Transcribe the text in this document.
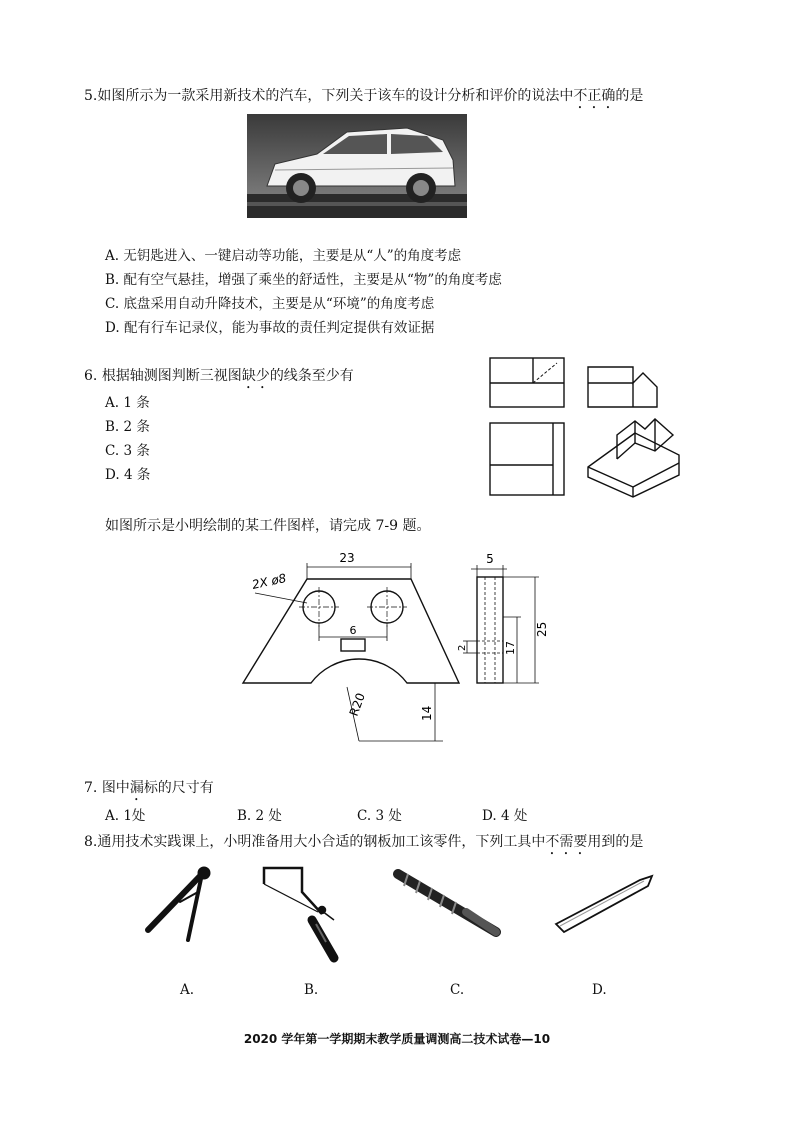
5.如图所示为一款采用新技术的汽车，下列关于该车的设计分析和评价的说法中不正确的是
A. 无钥匙进入、一键启动等功能，主要是从“人”的角度考虑
B. 配有空气悬挂，增强了乘坐的舒适性，主要是从“物”的角度考虑
C. 底盘采用自动升降技术，主要是从“环境”的角度考虑
D. 配有行车记录仪，能为事故的责任判定提供有效证据
6. 根据轴测图判断三视图缺少的线条至少有
A. 1 条
B. 2 条
C. 3 条
D. 4 条
如图所示是小明绘制的某工件图样，请完成 7-9 题。
23
2X ø8
6
R20	14
5
2	17
25
7. 图中漏标的尺寸有
A. 1处	B. 2 处	C. 3 处	D. 4 处
8.通用技术实践课上，小明准备用大小合适的钢板加工该零件，下列工具中不需要用到的是
A.	B.	C.	D.
2020 学年第一学期期末教学质量调测高二技术试卷—10
